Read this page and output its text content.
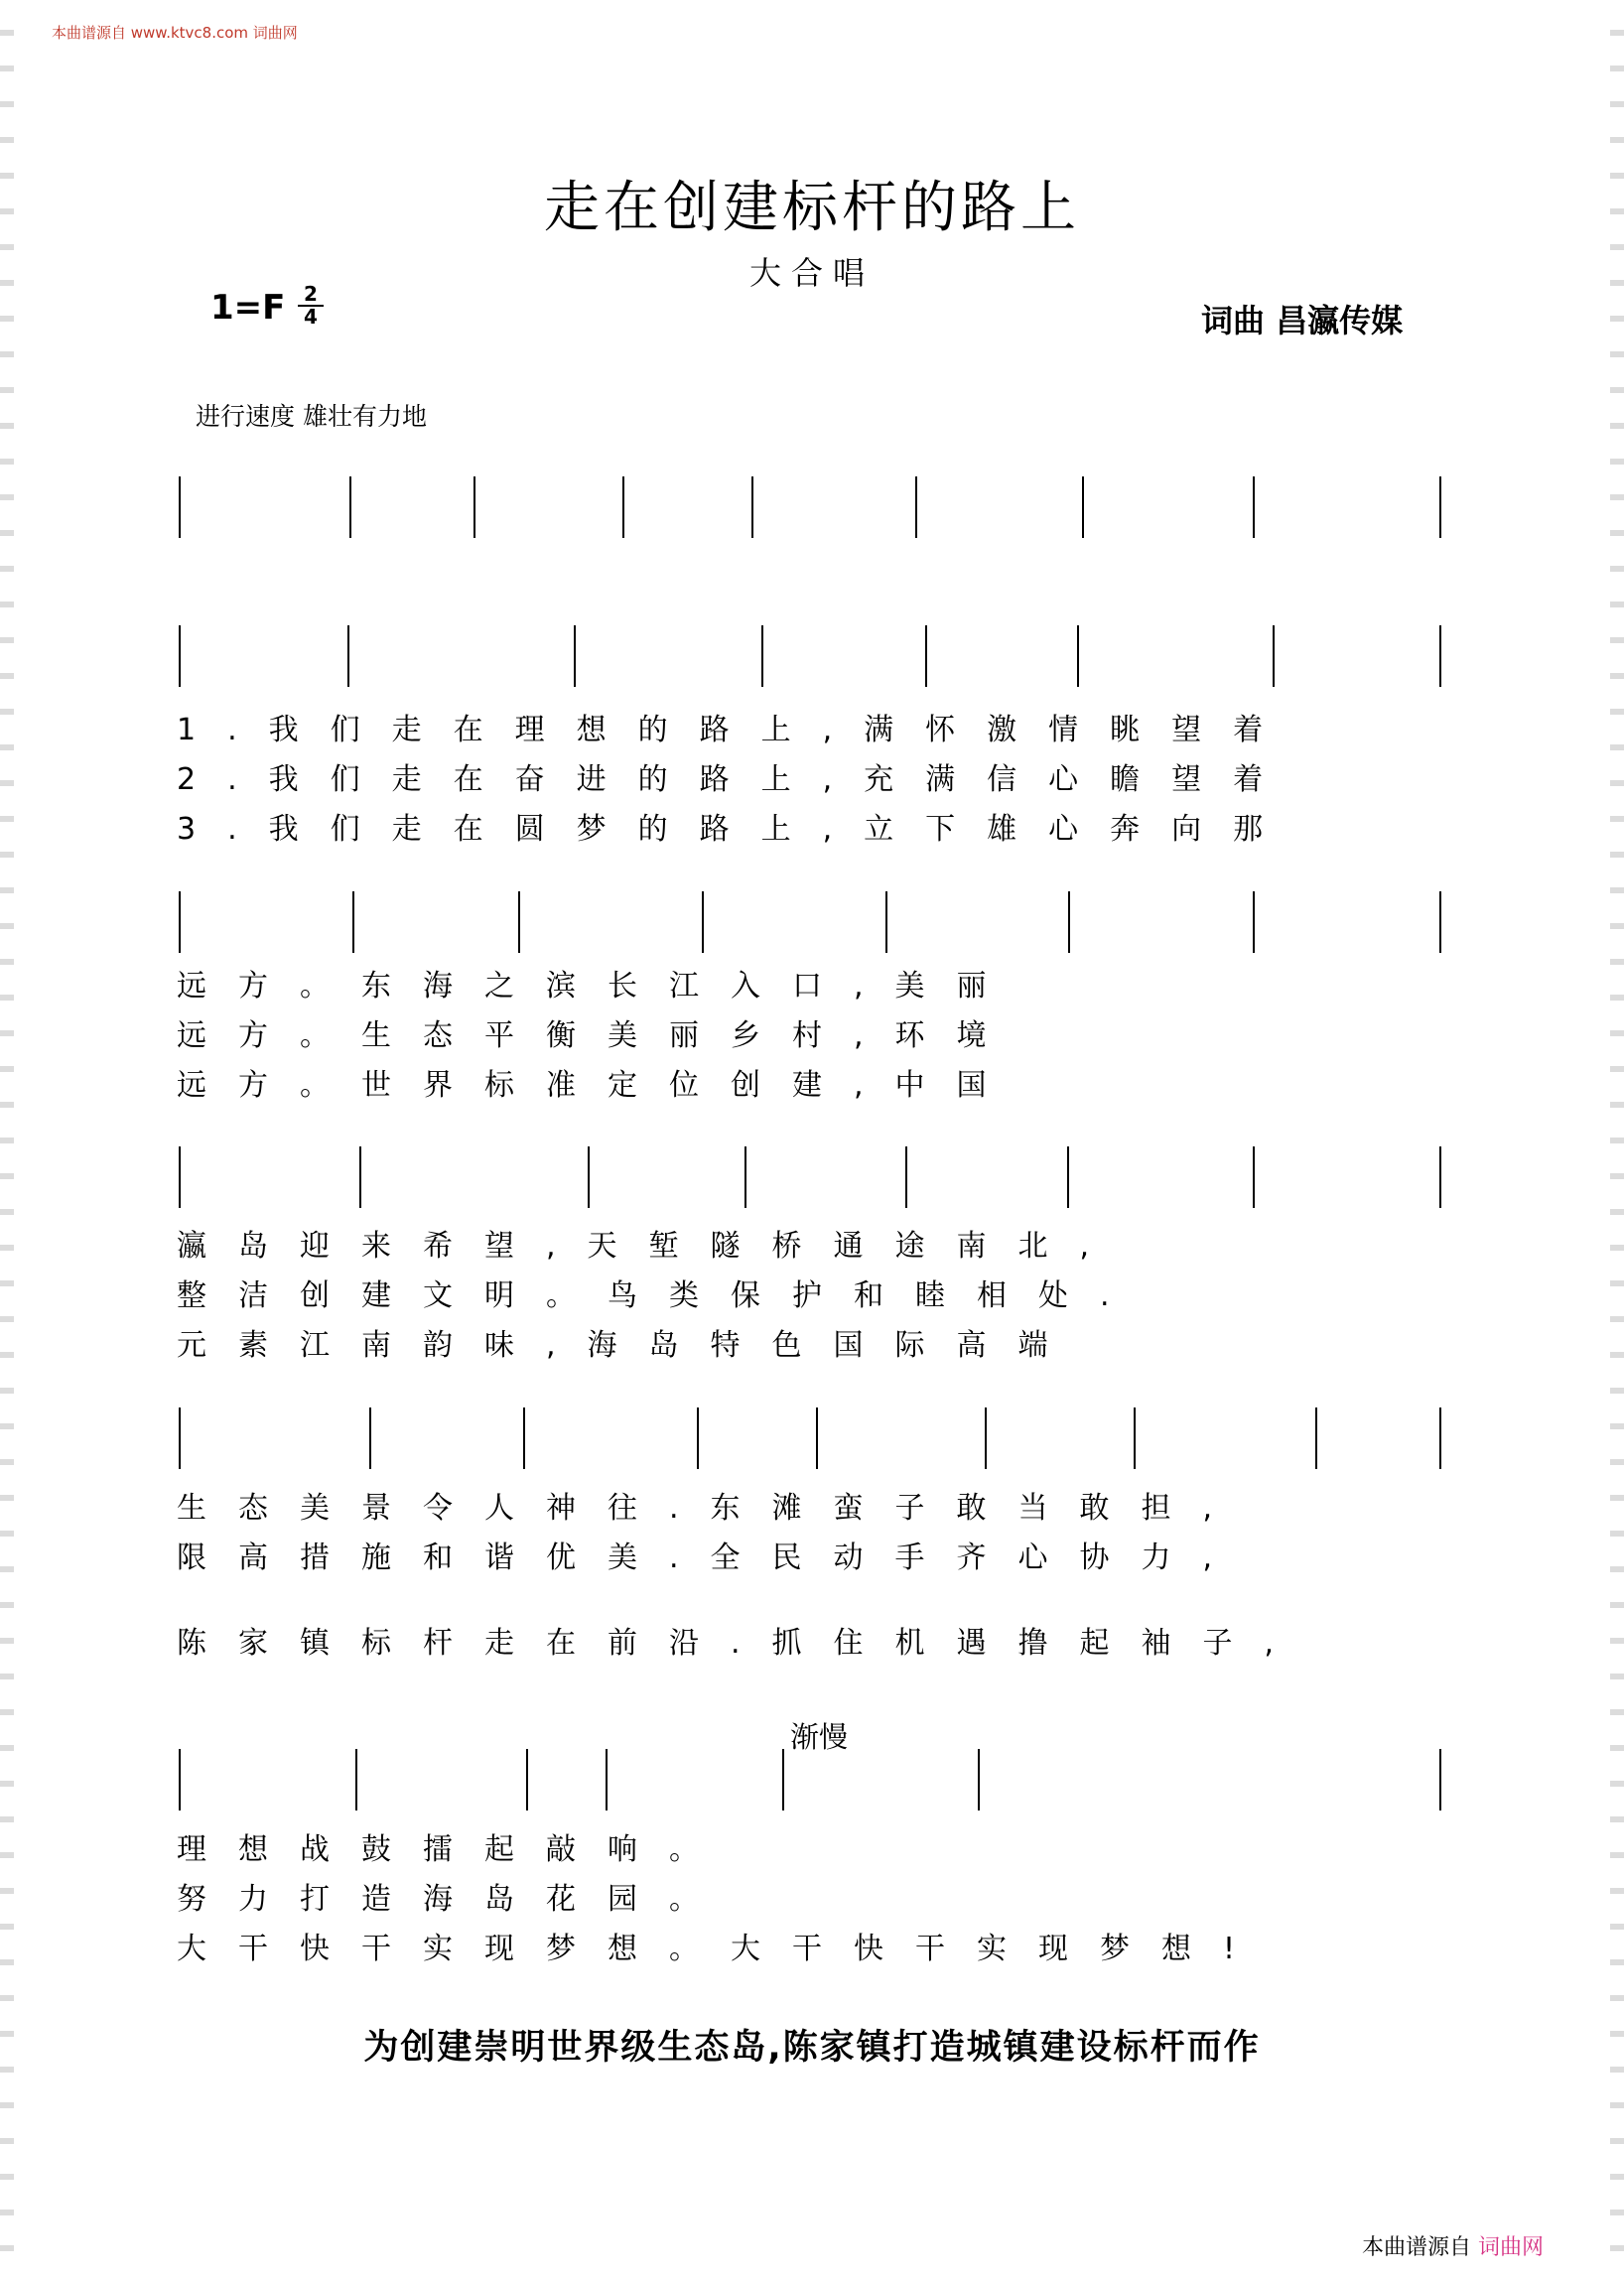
本曲谱源自 www.ktvc8.com 词曲网
走在创建标杆的路上
大合唱
$1=F \frac{2}{4}$	词曲 昌瀛传媒
进行速度 雄壮有力地
1.我们走在理想的路上,满怀激情眺望着
2.我们走在奋进的路上,充满信心瞻望着
3.我们走在圆梦的路上,立下雄心奔向那
远方。东海之滨长江入口,美丽
远方。生态平衡美丽乡村,环境
远方。世界标准定位创建,中国
瀛岛迎来希望,天堑隧桥通途南北,
整洁创建文明。鸟类保护和睦相处.
元素江南韵味,海岛特色国际高端
生态美景令人神往.东滩蛮子敢当敢担,
限高措施和谐优美.全民动手齐心协力,
陈家镇标杆走在前沿.抓住机遇撸起袖子,
渐慢
理想战鼓擂起敲响。
努力打造海岛花园。
大干快干实现梦想。大干快干实现梦想!
为创建崇明世界级生态岛,陈家镇打造城镇建设标杆而作
本曲谱源自 词曲网
